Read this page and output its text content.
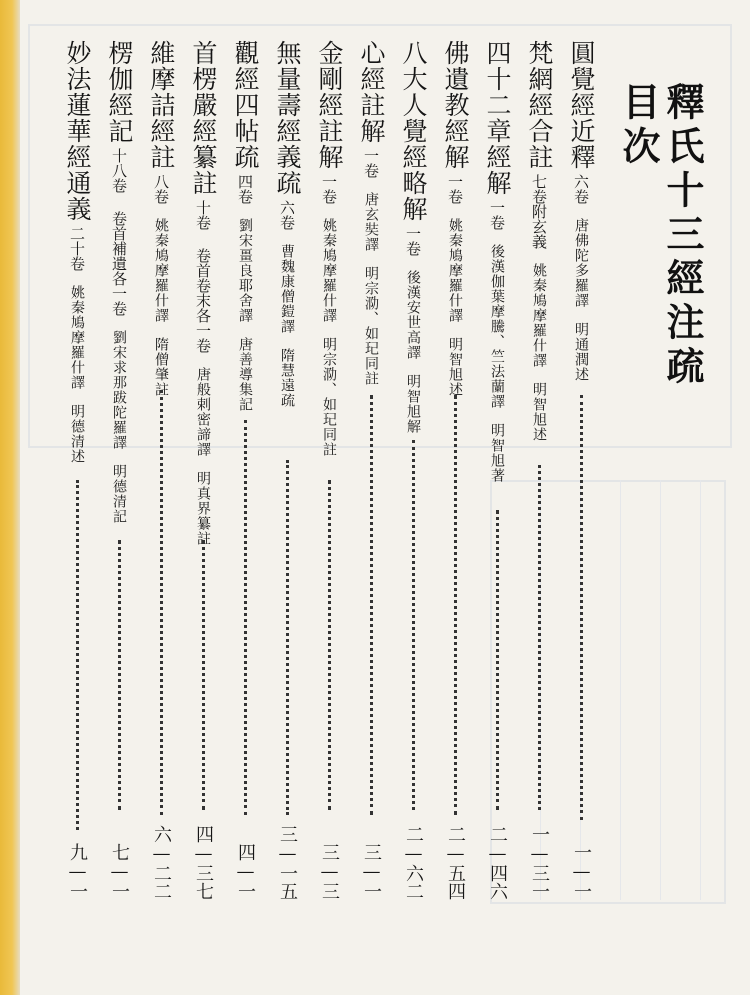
釋氏十三經注疏目次
圓覺經近釋
六卷
唐佛陀多羅譯
明通潤述
一—一
梵網經合註
七卷附玄義
姚秦鳩摩羅什譯
明智旭述
一—三一
四十二章經解
一卷
後漢伽葉摩騰、竺法蘭譯
明智旭著
二—四六
佛遺教經解
一卷
姚秦鳩摩羅什譯
明智旭述
二—五四
八大人覺經略解
一卷
後漢安世高譯
明智旭解
二—六二
心經註解
一卷
唐玄奘譯
明宗泐、如玘同註
三—一
金剛經註解
一卷
姚秦鳩摩羅什譯
明宗泐、如玘同註
三—三
無量壽經義疏
六卷
曹魏康僧鎧譯
隋慧遠疏
三—一五
觀經四帖疏
四卷
劉宋畺良耶舍譯
唐善導集記
四—一
首楞嚴經纂註
十卷 卷首卷末各一卷
唐般剌密諦譯
明真界纂註
四—三七
維摩詰經註
八卷
姚秦鳩摩羅什譯
隋僧肇註
六—二二
楞伽經記
十八卷 卷首補遺各一卷
劉宋求那跋陀羅譯
明德清記
七—一
妙法蓮華經通義
二十卷
姚秦鳩摩羅什譯
明德清述
九—一
